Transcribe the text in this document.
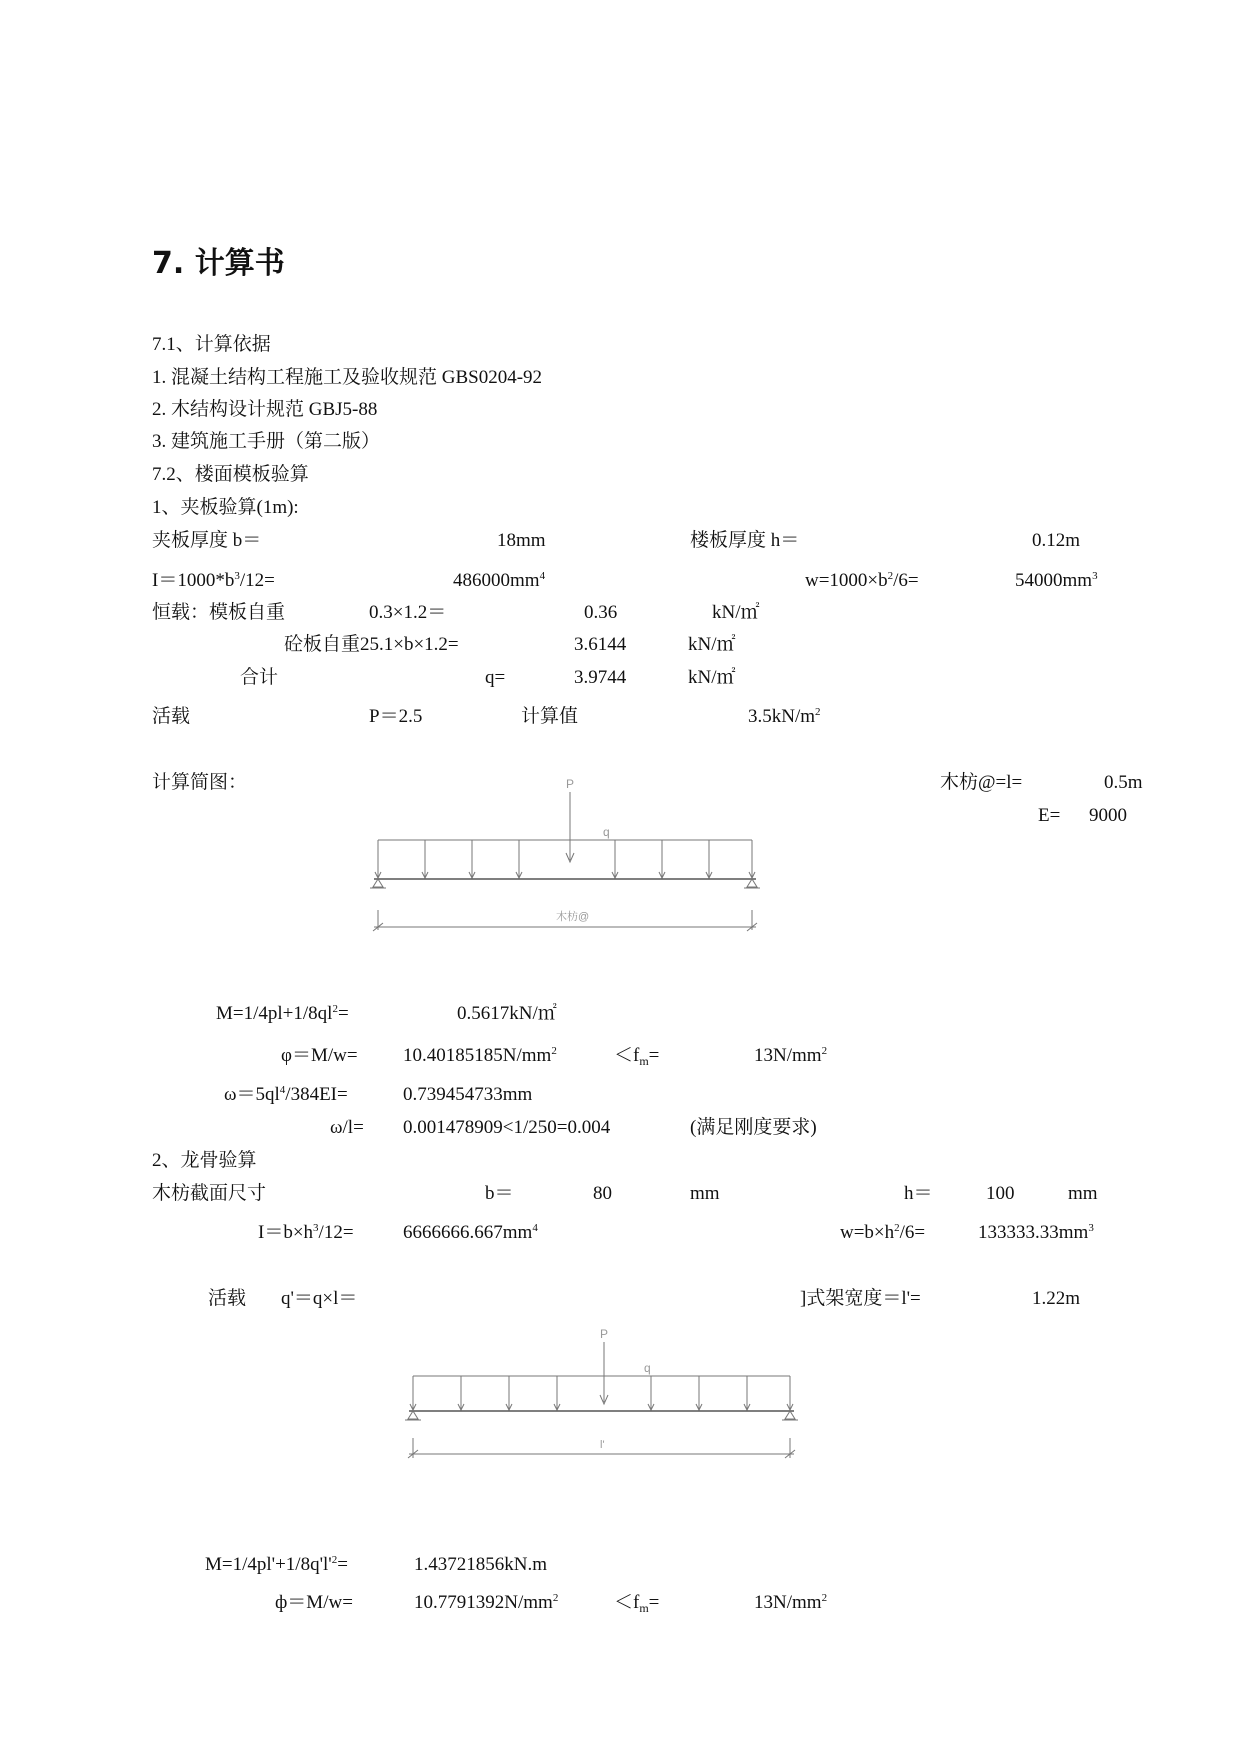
7. 计算书
7.1、计算依据
1. 混凝土结构工程施工及验收规范 GBS0204-92
2. 木结构设计规范 GBJ5-88
3. 建筑施工手册（第二版）
7.2、楼面模板验算
1、夹板验算(1m):
夹板厚度 b＝	18mm	楼板厚度 h＝	0.12m
$I=1000*b^3/12=$	$486000mm^4$	$w=1000\times b^2/6=$	$54000mm^3$
恒载：模板自重	0.3×1.2＝	0.36	kN/㎡
砼板自重25.1×b×1.2=	3.6144	kN/㎡
合计	q=	3.9744	kN/㎡
活载	P＝2.5	计算值	$3.5kN/m^2$
计算简图：	木枋@=l=	0.5m
E= 9000
P
q
木枋@
$M=1/4pl+1/8ql^2=$	0.5617kN/㎡
$\varphi=M/w= 10.40185185N/mm^2$	$<f_m=$	$13N/mm^2$
$\omega=5ql^4/384EI=$	0.739454733mm
ω/l= 0.001478909<1/250=0.004	(满足刚度要求)
2、龙骨验算
木枋截面尺寸	b＝	80	mm	h＝	100	mm
$I=b\times h^3/12=$	$6666666.667mm^4$	$w=b\times h^2/6=$	$133333.33mm^3$
活载 q'＝q×l＝	]式架宽度＝l'=	1.22m
P
q
l'
$M=1/4pl'+1/8q'l'^2=$	1.43721856kN.m
ф＝M/w=	$10.7791392N/mm^2$	$<f_m=$	$13N/mm^2$
